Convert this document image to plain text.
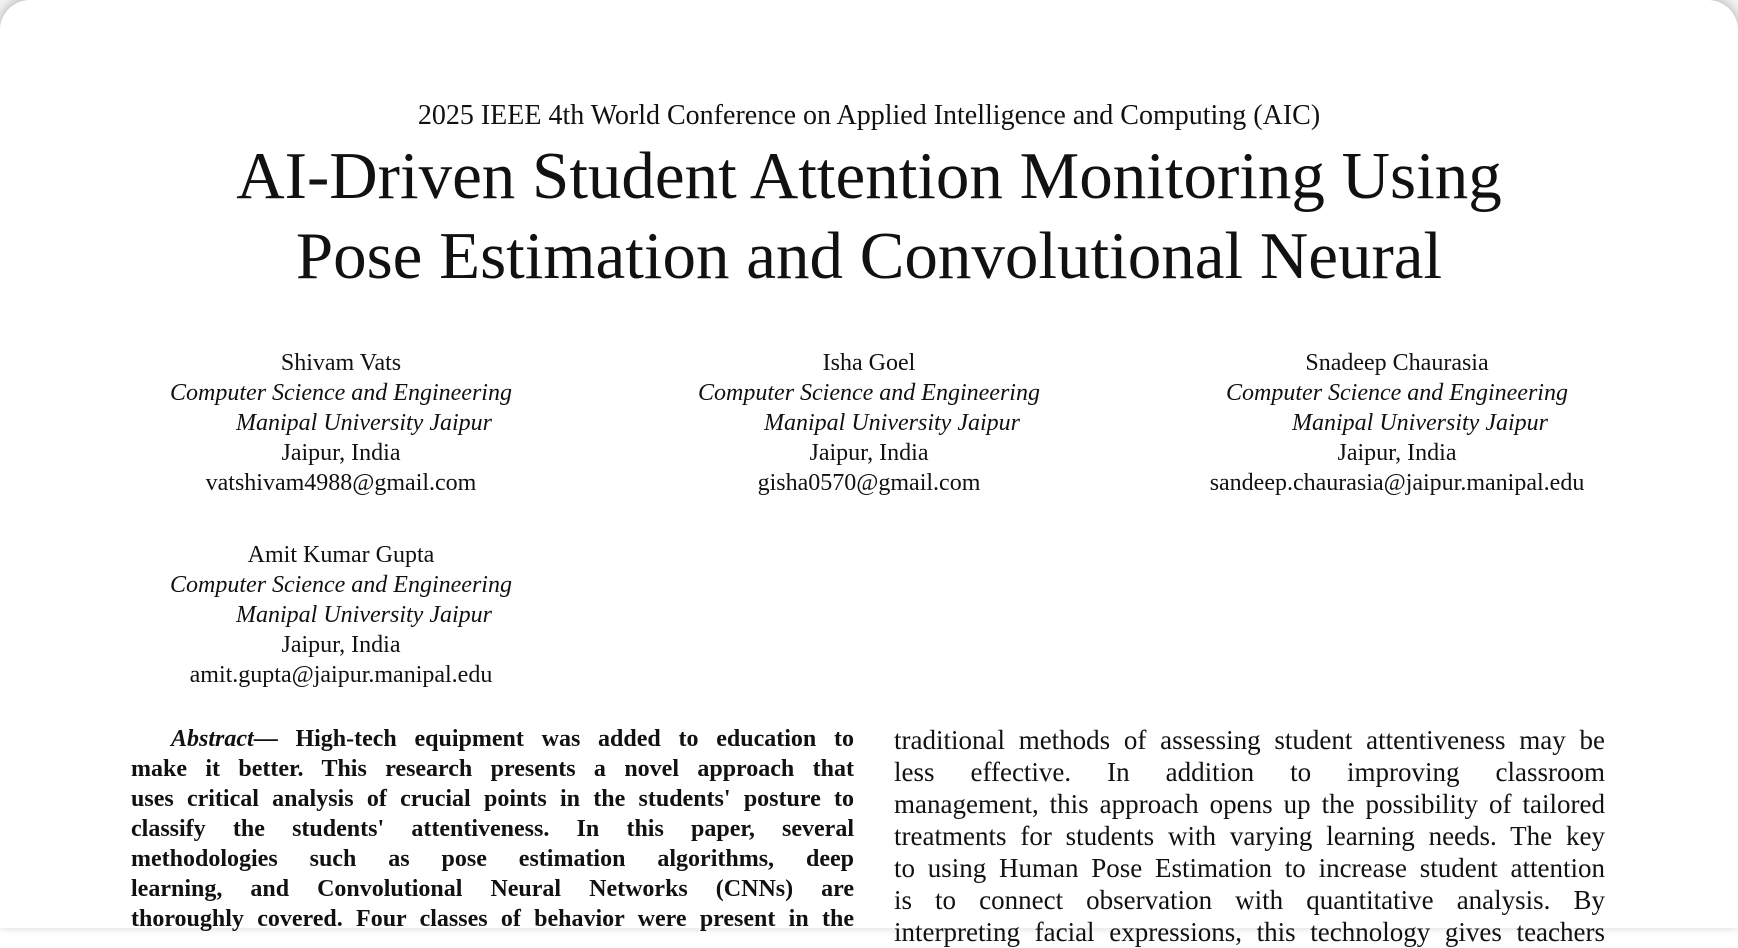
2025 IEEE 4th World Conference on Applied Intelligence and Computing (AIC)
AI-Driven Student Attention Monitoring Using
Pose Estimation and Convolutional Neural
Shivam Vats
Computer Science and Engineering
Manipal University Jaipur
Jaipur, India
vatshivam4988@gmail.com
Isha Goel
Computer Science and Engineering
Manipal University Jaipur
Jaipur, India
gisha0570@gmail.com
Snadeep Chaurasia
Computer Science and Engineering
Manipal University Jaipur
Jaipur, India
sandeep.chaurasia@jaipur.manipal.edu
Amit Kumar Gupta
Computer Science and Engineering
Manipal University Jaipur
Jaipur, India
amit.gupta@jaipur.manipal.edu
Abstract— High-tech equipment was added to education to
make it better. This research presents a novel approach that
uses critical analysis of crucial points in the students' posture to
classify the students' attentiveness. In this paper, several
methodologies such as pose estimation algorithms, deep
learning, and Convolutional Neural Networks (CNNs) are
thoroughly covered. Four classes of behavior were present in the
traditional methods of assessing student attentiveness may be
less effective. In addition to improving classroom
management, this approach opens up the possibility of tailored
treatments for students with varying learning needs. The key
to using Human Pose Estimation to increase student attention
is to connect observation with quantitative analysis. By
interpreting facial expressions, this technology gives teachers
